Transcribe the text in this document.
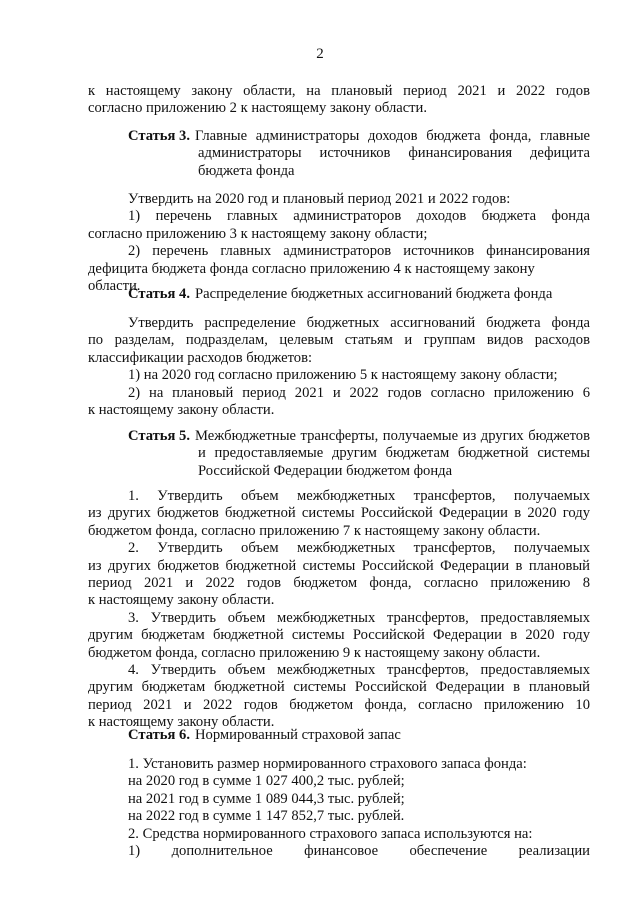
2
к настоящему закону области, на плановый период 2021 и 2022 годов
согласно приложению 2 к настоящему закону области.
Статья 3. Главные администраторы доходов бюджета фонда, главные
администраторы источников финансирования дефицита
бюджета фонда
Утвердить на 2020 год и плановый период 2021 и 2022 годов:
1) перечень главных администраторов доходов бюджета фонда
согласно приложению 3 к настоящему закону области;
2) перечень главных администраторов источников финансирования
дефицита бюджета фонда согласно приложению 4 к настоящему закону области.
Статья 4. Распределение бюджетных ассигнований бюджета фонда
Утвердить распределение бюджетных ассигнований бюджета фонда
по разделам, подразделам, целевым статьям и группам видов расходов
классификации расходов бюджетов:
1) на 2020 год согласно приложению 5 к настоящему закону области;
2) на плановый период 2021 и 2022 годов согласно приложению 6
к настоящему закону области.
Статья 5. Межбюджетные трансферты, получаемые из других бюджетов
и предоставляемые другим бюджетам бюджетной системы
Российской Федерации бюджетом фонда
1. Утвердить объем межбюджетных трансфертов, получаемых
из других бюджетов бюджетной системы Российской Федерации в 2020 году
бюджетом фонда, согласно приложению 7 к настоящему закону области.
2. Утвердить объем межбюджетных трансфертов, получаемых
из других бюджетов бюджетной системы Российской Федерации в плановый
период 2021 и 2022 годов бюджетом фонда, согласно приложению 8
к настоящему закону области.
3. Утвердить объем межбюджетных трансфертов, предоставляемых
другим бюджетам бюджетной системы Российской Федерации в 2020 году
бюджетом фонда, согласно приложению 9 к настоящему закону области.
4. Утвердить объем межбюджетных трансфертов, предоставляемых
другим бюджетам бюджетной системы Российской Федерации в плановый
период 2021 и 2022 годов бюджетом фонда, согласно приложению 10
к настоящему закону области.
Статья 6. Нормированный страховой запас
1. Установить размер нормированного страхового запаса фонда:
на 2020 год в сумме 1 027 400,2 тыс. рублей;
на 2021 год в сумме 1 089 044,3 тыс. рублей;
на 2022 год в сумме 1 147 852,7 тыс. рублей.
2. Средства нормированного страхового запаса используются на:
1) дополнительное финансовое обеспечение реализации
